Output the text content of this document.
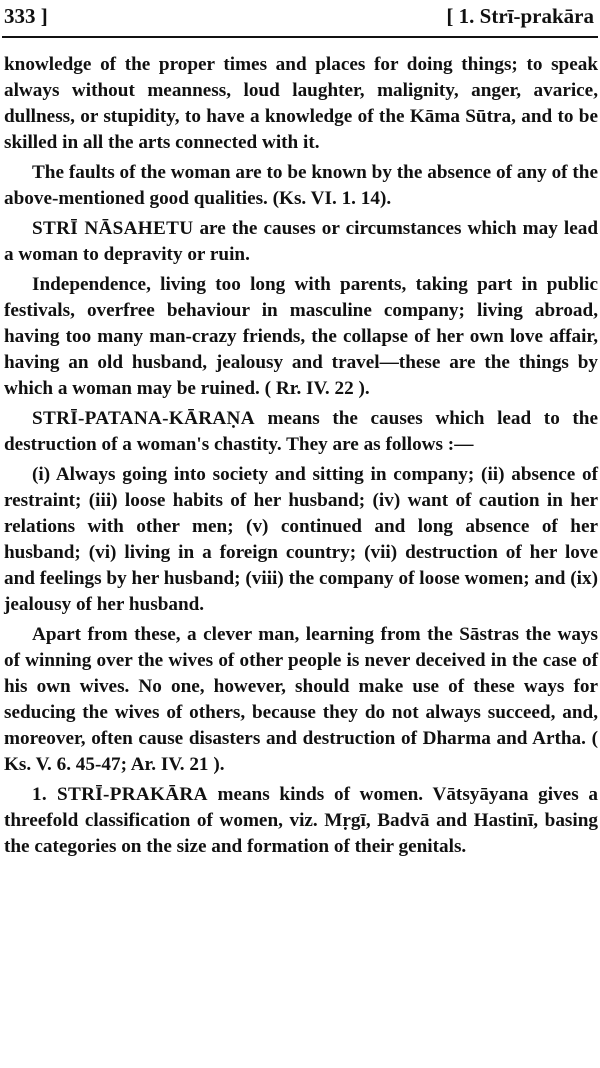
333 ]	[ 1. Strī-prakāra

knowledge of the proper times and places for doing things; to speak always without meanness, loud laughter, malignity, anger, avarice, dullness, or stupidity, to have a knowledge of the Kāma Sūtra, and to be skilled in all the arts connected with it.

The faults of the woman are to be known by the absence of any of the above-mentioned good qualities. (Ks. VI. 1. 14).

STRĪ NĀSAHETU are the causes or circumstances which may lead a woman to depravity or ruin.

Independence, living too long with parents, taking part in public festivals, overfree behaviour in masculine company; living abroad, having too many man-crazy friends, the collapse of her own love affair, having an old husband, jealousy and travel—these are the things by which a woman may be ruined. ( Rr. IV. 22 ).

STRĪ-PATANA-KĀRAṆA means the causes which lead to the destruction of a woman's chastity. They are as follows :—

(i) Always going into society and sitting in company; (ii) absence of restraint; (iii) loose habits of her husband; (iv) want of caution in her relations with other men; (v) continued and long absence of her husband; (vi) living in a foreign country; (vii) destruction of her love and feelings by her husband; (viii) the company of loose women; and (ix) jealousy of her husband.

Apart from these, a clever man, learning from the Sāstras the ways of winning over the wives of other people is never deceived in the case of his own wives. No one, however, should make use of these ways for seducing the wives of others, because they do not always succeed, and, moreover, often cause disasters and destruction of Dharma and Artha. ( Ks. V. 6. 45-47; Ar. IV. 21 ).

1. STRĪ-PRAKĀRA means kinds of women. Vātsyāyana gives a threefold classification of women, viz. Mṛgī, Badvā and Hastinī, basing the categories on the size and formation of their genitals.
